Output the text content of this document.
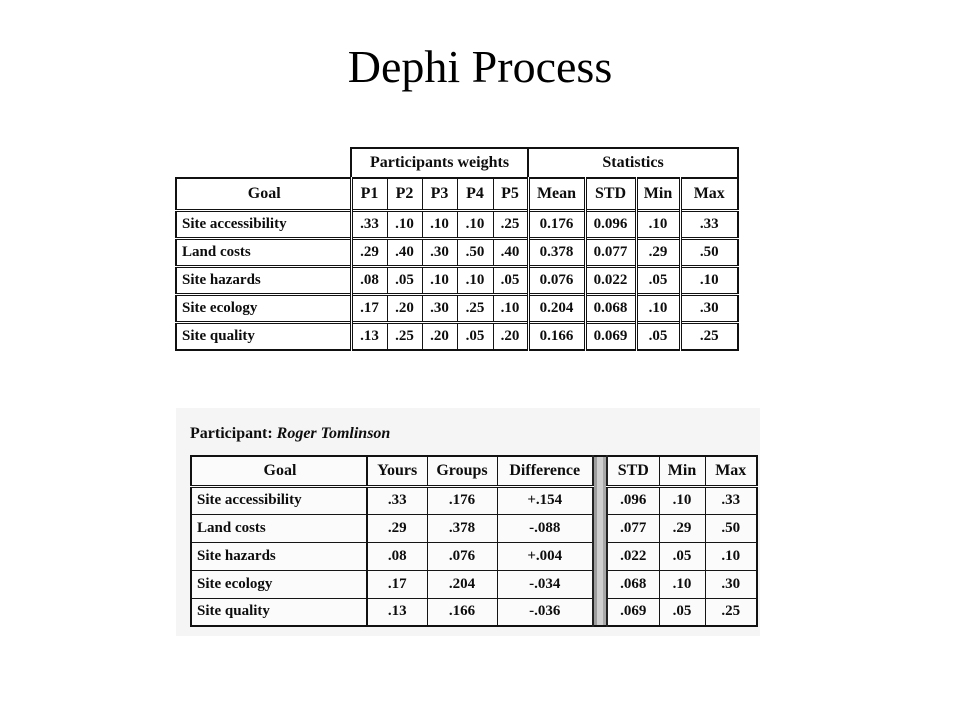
Dephi Process
	Participants weights					Statistics			
Goal	P1	P2	P3	P4	P5	Mean	STD	Min	Max
Site accessibility	.33	.10	.10	.10	.25	0.176	0.096	.10	.33
Land costs	.29	.40	.30	.50	.40	0.378	0.077	.29	.50
Site hazards	.08	.05	.10	.10	.05	0.076	0.022	.05	.10
Site ecology	.17	.20	.30	.25	.10	0.204	0.068	.10	.30
Site quality	.13	.25	.20	.05	.20	0.166	0.069	.05	.25
Participant: Roger Tomlinson
Goal	Yours	Groups	Difference		STD	Min	Max
Site accessibility	.33	.176	+.154		.096	.10	.33
Land costs	.29	.378	-.088		.077	.29	.50
Site hazards	.08	.076	+.004		.022	.05	.10
Site ecology	.17	.204	-.034		.068	.10	.30
Site quality	.13	.166	-.036		.069	.05	.25
